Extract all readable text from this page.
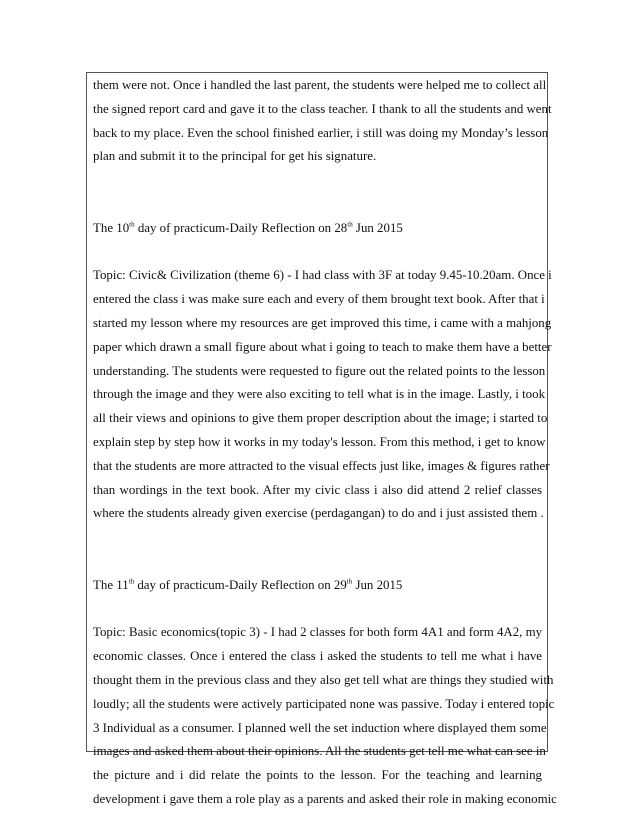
them were not. Once i handled the last parent, the students were helped me to collect all
the signed report card and gave it to the class teacher. I thank to all the students and went
back to my place. Even the school finished earlier, i still was doing my Monday’s lesson
plan and submit it to the principal for get his signature.
The 10th day of practicum-Daily Reflection on 28th Jun 2015
Topic: Civic& Civilization (theme 6) - I had class with 3F at today 9.45-10.20am. Once i
entered the class i was make sure each and every of them brought text book. After that i
started my lesson where my resources are get improved this time, i came with a mahjong
paper which drawn a small figure about what i going to teach to make them have a better
understanding. The students were requested to figure out the related points to the lesson
through the image and they were also exciting to tell what is in the image. Lastly, i took
all their views and opinions to give them proper description about the image; i started to
explain step by step how it works in my today's lesson. From this method, i get to know
that the students are more attracted to the visual effects just like, images & figures rather
than wordings in the text book. After my civic class i also did attend 2 relief classes
where the students already given exercise (perdagangan) to do and i just assisted them .
The 11th day of practicum-Daily Reflection on 29th Jun 2015
Topic: Basic economics(topic 3) - I had 2 classes for both form 4A1 and form 4A2, my
economic classes. Once i entered the class i asked the students to tell me what i have
thought them in the previous class and they also get tell what are things they studied with
loudly; all the students were actively participated none was passive. Today i entered topic
3 Individual as a consumer. I planned well the set induction where displayed them some
images and asked them about their opinions. All the students get tell me what can see in
the picture and i did relate the points to the lesson. For the teaching and learning
development i gave them a role play as a parents and asked their role in making economic
